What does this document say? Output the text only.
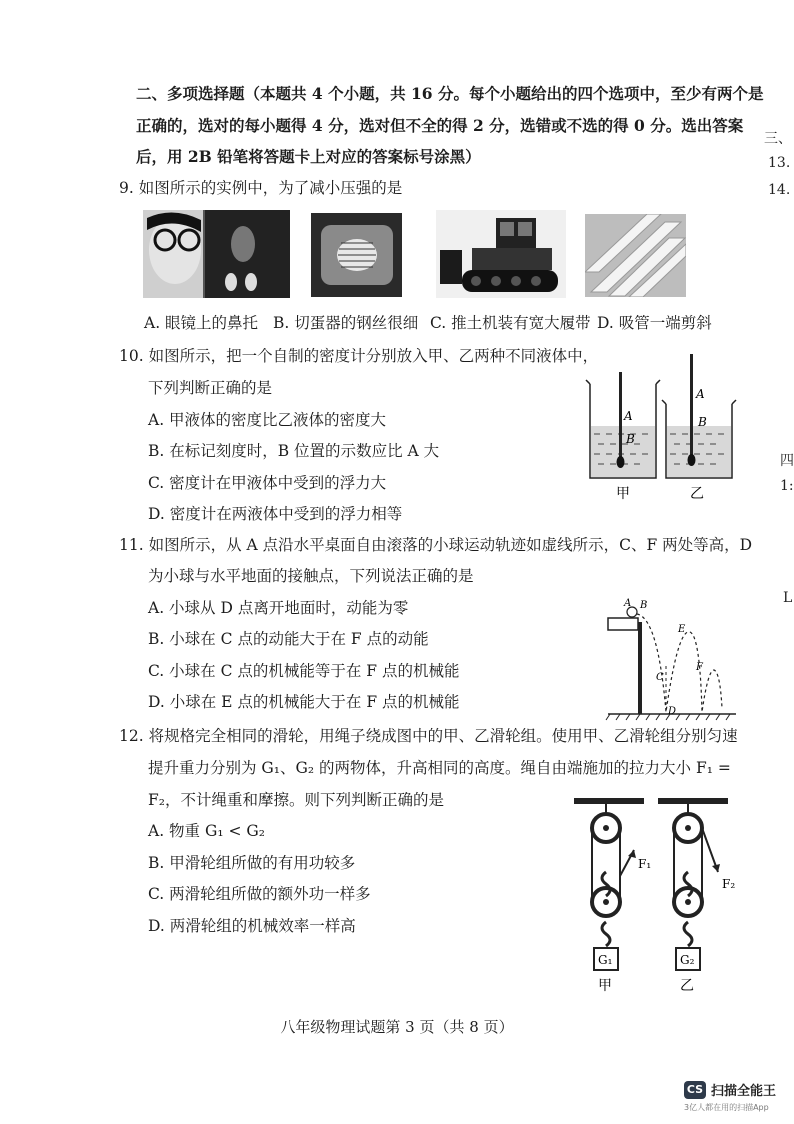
二、多项选择题（本题共 4 个小题，共 16 分。每个小题给出的四个选项中，至少有两个是
正确的，选对的每小题得 4 分，选对但不全的得 2 分，选错或不选的得 0 分。选出答案
后，用 2B 铅笔将答题卡上对应的答案标号涂黑）
9. 如图所示的实例中，为了减小压强的是
A. 眼镜上的鼻托 B. 切蛋器的钢丝很细 C. 推土机装有宽大履带 D. 吸管一端剪斜
10. 如图所示，把一个自制的密度计分别放入甲、乙两种不同液体中，
下列判断正确的是
A. 甲液体的密度比乙液体的密度大
B. 在标记刻度时，B 位置的示数应比 A 大
C. 密度计在甲液体中受到的浮力大
D. 密度计在两液体中受到的浮力相等
A
B
甲
A
B
乙
11. 如图所示，从 A 点沿水平桌面自由滚落的小球运动轨迹如虚线所示，C、F 两处等高，D
为小球与水平地面的接触点，下列说法正确的是
A. 小球从 D 点离开地面时，动能为零
B. 小球在 C 点的动能大于在 F 点的动能
C. 小球在 C 点的机械能等于在 F 点的机械能
D. 小球在 E 点的机械能大于在 F 点的机械能
A B
C
D
E
F
12. 将规格完全相同的滑轮，用绳子绕成图中的甲、乙滑轮组。使用甲、乙滑轮组分别匀速
提升重力分别为 G₁、G₂ 的两物体，升高相同的高度。绳自由端施加的拉力大小 F₁ =
F₂，不计绳重和摩擦。则下列判断正确的是
A. 物重 G₁ < G₂
B. 甲滑轮组所做的有用功较多
C. 两滑轮组所做的额外功一样多
D. 两滑轮组的机械效率一样高
G₁
F₁
甲
G₂
F₂
乙
八年级物理试题第 3 页（共 8 页）
三、
13.
14.
四
1:
L
CS 扫描全能王
3亿人都在用的扫描App
